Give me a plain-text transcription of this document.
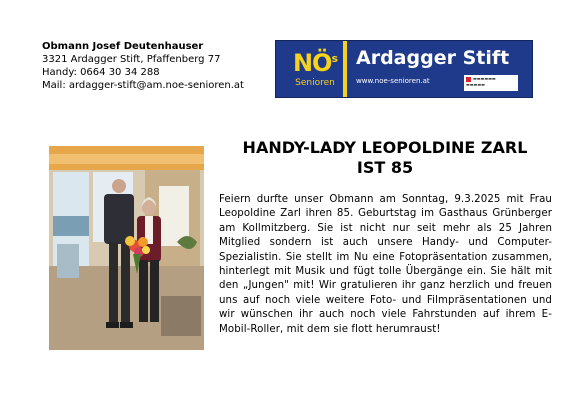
Obmann Josef Deutenhauser
3321 Ardagger Stift, Pfaffenberg 77
Handy: 0664 30 34 288
Mail: ardagger-stift@am.noe-senioren.at
$NÖ^s$
Senioren
Ardagger Stift
www.noe-senioren.at	▬▬▬▬▬▬
▬▬▬▬▬
HANDY-LADY LEOPOLDINE ZARL
IST 85
Feiern durfte unser Obmann am Sonntag, 9.3.2025 mit Frau Leopoldine Zarl ihren 85. Geburtstag im Gasthaus Grünberger am Kollmitzberg. Sie ist nicht nur seit mehr als 25 Jahren Mitglied sondern ist auch unsere Handy- und Computer-Spezialistin. Sie stellt im Nu eine Fotopräsentation zusammen, hinterlegt mit Musik und fügt tolle Übergänge ein. Sie hält mit den „Jungen" mit! Wir gratulieren ihr ganz herzlich und freuen uns auf noch viele weitere Foto- und Filmpräsentationen und wir wünschen ihr auch noch viele Fahrstunden auf ihrem E-Mobil-Roller, mit dem sie flott herumraust!
